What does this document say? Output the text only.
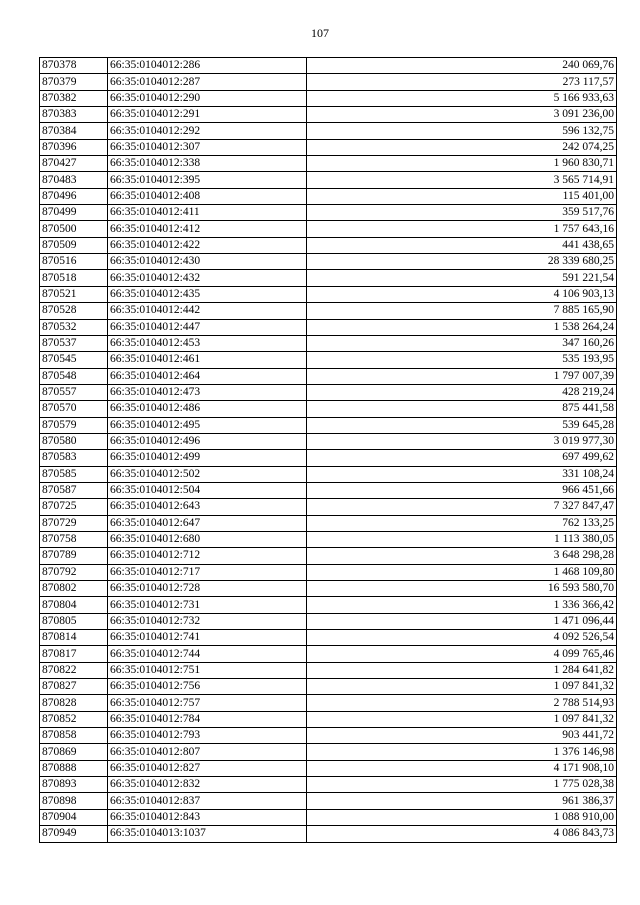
107
870378	66:35:0104012:286	240 069,76
870379	66:35:0104012:287	273 117,57
870382	66:35:0104012:290	5 166 933,63
870383	66:35:0104012:291	3 091 236,00
870384	66:35:0104012:292	596 132,75
870396	66:35:0104012:307	242 074,25
870427	66:35:0104012:338	1 960 830,71
870483	66:35:0104012:395	3 565 714,91
870496	66:35:0104012:408	115 401,00
870499	66:35:0104012:411	359 517,76
870500	66:35:0104012:412	1 757 643,16
870509	66:35:0104012:422	441 438,65
870516	66:35:0104012:430	28 339 680,25
870518	66:35:0104012:432	591 221,54
870521	66:35:0104012:435	4 106 903,13
870528	66:35:0104012:442	7 885 165,90
870532	66:35:0104012:447	1 538 264,24
870537	66:35:0104012:453	347 160,26
870545	66:35:0104012:461	535 193,95
870548	66:35:0104012:464	1 797 007,39
870557	66:35:0104012:473	428 219,24
870570	66:35:0104012:486	875 441,58
870579	66:35:0104012:495	539 645,28
870580	66:35:0104012:496	3 019 977,30
870583	66:35:0104012:499	697 499,62
870585	66:35:0104012:502	331 108,24
870587	66:35:0104012:504	966 451,66
870725	66:35:0104012:643	7 327 847,47
870729	66:35:0104012:647	762 133,25
870758	66:35:0104012:680	1 113 380,05
870789	66:35:0104012:712	3 648 298,28
870792	66:35:0104012:717	1 468 109,80
870802	66:35:0104012:728	16 593 580,70
870804	66:35:0104012:731	1 336 366,42
870805	66:35:0104012:732	1 471 096,44
870814	66:35:0104012:741	4 092 526,54
870817	66:35:0104012:744	4 099 765,46
870822	66:35:0104012:751	1 284 641,82
870827	66:35:0104012:756	1 097 841,32
870828	66:35:0104012:757	2 788 514,93
870852	66:35:0104012:784	1 097 841,32
870858	66:35:0104012:793	903 441,72
870869	66:35:0104012:807	1 376 146,98
870888	66:35:0104012:827	4 171 908,10
870893	66:35:0104012:832	1 775 028,38
870898	66:35:0104012:837	961 386,37
870904	66:35:0104012:843	1 088 910,00
870949	66:35:0104013:1037	4 086 843,73
